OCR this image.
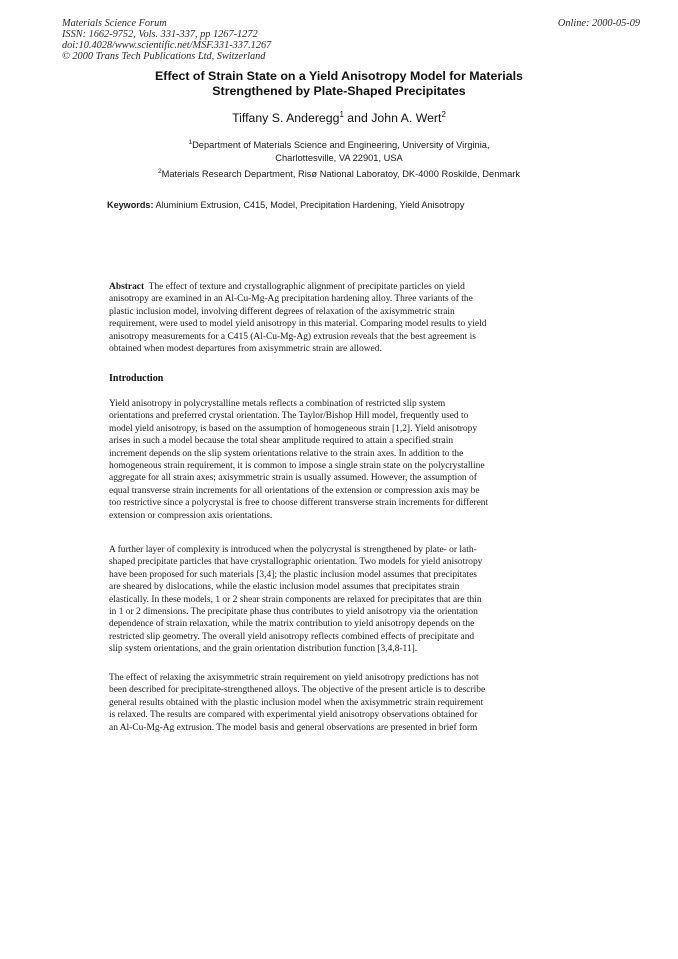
Materials Science Forum
ISSN: 1662-9752, Vols. 331-337, pp 1267-1272
doi:10.4028/www.scientific.net/MSF.331-337.1267
© 2000 Trans Tech Publications Ltd, Switzerland
Online: 2000-05-09
Effect of Strain State on a Yield Anisotropy Model for Materials
Strengthened by Plate-Shaped Precipitates
Tiffany S. Anderegg$^1$ and John A. Wert$^2$
$^1$Department of Materials Science and Engineering, University of Virginia,
Charlottesville, VA 22901, USA
$^2$Materials Research Department, Risø National Laboratoy, DK-4000 Roskilde, Denmark
Keywords: Aluminium Extrusion, C415, Model, Precipitation Hardening, Yield Anisotropy
Abstract  The effect of texture and crystallographic alignment of precipitate particles on yield
anisotropy are examined in an Al-Cu-Mg-Ag precipitation hardening alloy. Three variants of the
plastic inclusion model, involving different degrees of relaxation of the axisymmetric strain
requirement, were used to model yield anisotropy in this material. Comparing model results to yield
anisotropy measurements for a C415 (Al-Cu-Mg-Ag) extrusion reveals that the best agreement is
obtained when modest departures from axisymmetric strain are allowed.
Introduction
Yield anisotropy in polycrystalline metals reflects a combination of restricted slip system
orientations and preferred crystal orientation. The Taylor/Bishop Hill model, frequently used to
model yield anisotropy, is based on the assumption of homogeneous strain [1,2]. Yield anisotropy
arises in such a model because the total shear amplitude required to attain a specified strain
increment depends on the slip system orientations relative to the strain axes. In addition to the
homogeneous strain requirement, it is common to impose a single strain state on the polycrystalline
aggregate for all strain axes; axisymmetric strain is usually assumed. However, the assumption of
equal transverse strain increments for all orientations of the extension or compression axis may be
too restrictive since a polycrystal is free to choose different transverse strain increments for different
extension or compression axis orientations.
A further layer of complexity is introduced when the polycrystal is strengthened by plate- or lath-
shaped precipitate particles that have crystallographic orientation. Two models for yield anisotropy
have been proposed for such materials [3,4]; the plastic inclusion model assumes that precipitates
are sheared by dislocations, while the elastic inclusion model assumes that precipitates strain
elastically. In these models, 1 or 2 shear strain components are relaxed for precipitates that are thin
in 1 or 2 dimensions. The precipitate phase thus contributes to yield anisotropy via the orientation
dependence of strain relaxation, while the matrix contribution to yield anisotropy depends on the
restricted slip geometry. The overall yield anisotropy reflects combined effects of precipitate and
slip system orientations, and the grain orientation distribution function [3,4,8-11].
The effect of relaxing the axisymmetric strain requirement on yield anisotropy predictions has not
been described for precipitate-strengthened alloys. The objective of the present article is to describe
general results obtained with the plastic inclusion model when the axisymmetric strain requirement
is relaxed. The results are compared with experimental yield anisotropy observations obtained for
an Al-Cu-Mg-Ag extrusion. The model basis and general observations are presented in brief form
